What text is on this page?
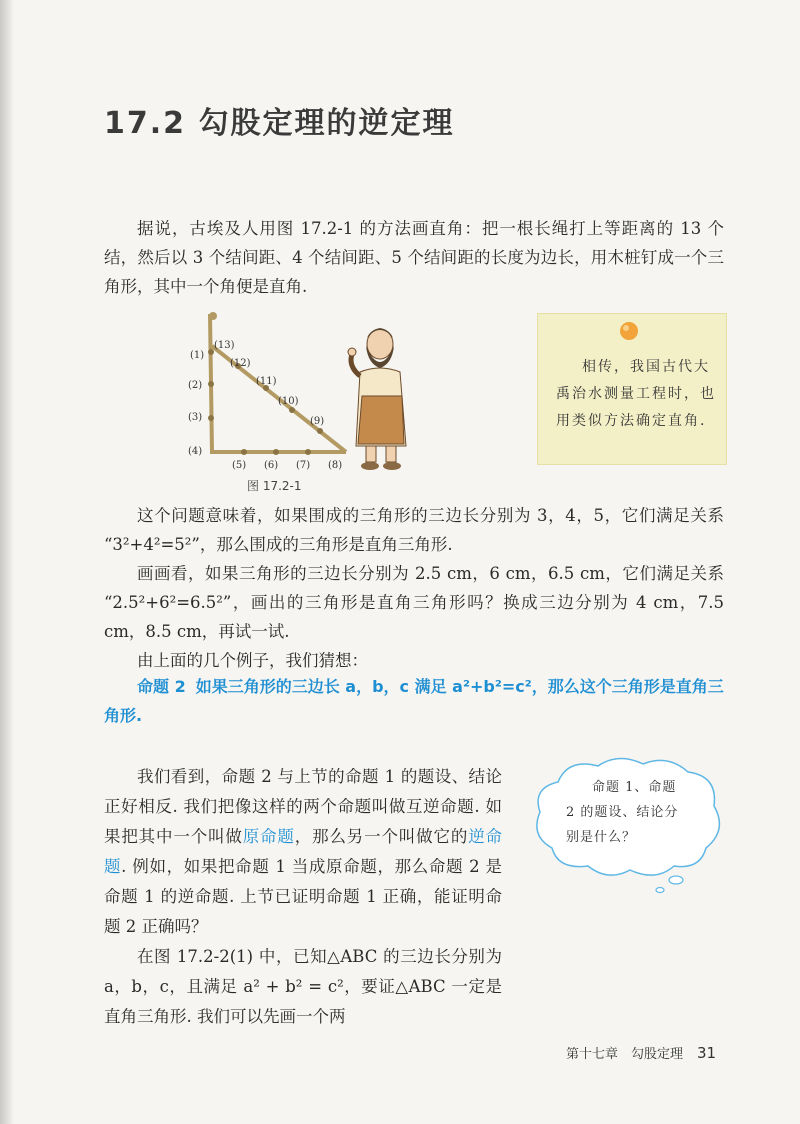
17.2 勾股定理的逆定理

据说，古埃及人用图 17.2-1 的方法画直角：把一根长绳打上等距离的 13 个结，然后以 3 个结间距、4 个结间距、5 个结间距的长度为边长，用木桩钉成一个三角形，其中一个角便是直角.

(13)
(1)
(12)
(2)	(11)
(10)
(3)	(9)
(4)
(5) (6) (7) (8)
图 17.2-1
相传，我国古代大禹治水测量工程时，也用类似方法确定直角.

这个问题意味着，如果围成的三角形的三边长分别为 3，4，5，它们满足关系 “3²+4²=5²”，那么围成的三角形是直角三角形.

画画看，如果三角形的三边长分别为 2.5 cm，6 cm，6.5 cm，它们满足关系 “2.5²+6²=6.5²”，画出的三角形是直角三角形吗？换成三边分别为 4 cm，7.5 cm，8.5 cm，再试一试.

由上面的几个例子，我们猜想：

命题 2 如果三角形的三边长 a，b，c 满足 a²+b²=c²，那么这个三角形是直角三角形.

我们看到，命题 2 与上节的命题 1 的题设、结论正好相反. 我们把像这样的两个命题叫做互逆命题. 如果把其中一个叫做原命题，那么另一个叫做它的逆命题. 例如，如果把命题 1 当成原命题，那么命题 2 是命题 1 的逆命题. 上节已证明命题 1 正确，能证明命题 2 正确吗？

在图 17.2-2(1) 中，已知△ABC 的三边长分别为 a，b，c，且满足 a² + b² = c²，要证△ABC 一定是直角三角形. 我们可以先画一个两

命题 1、命题
2 的题设、结论分
别是什么？
第十七章　勾股定理 31
